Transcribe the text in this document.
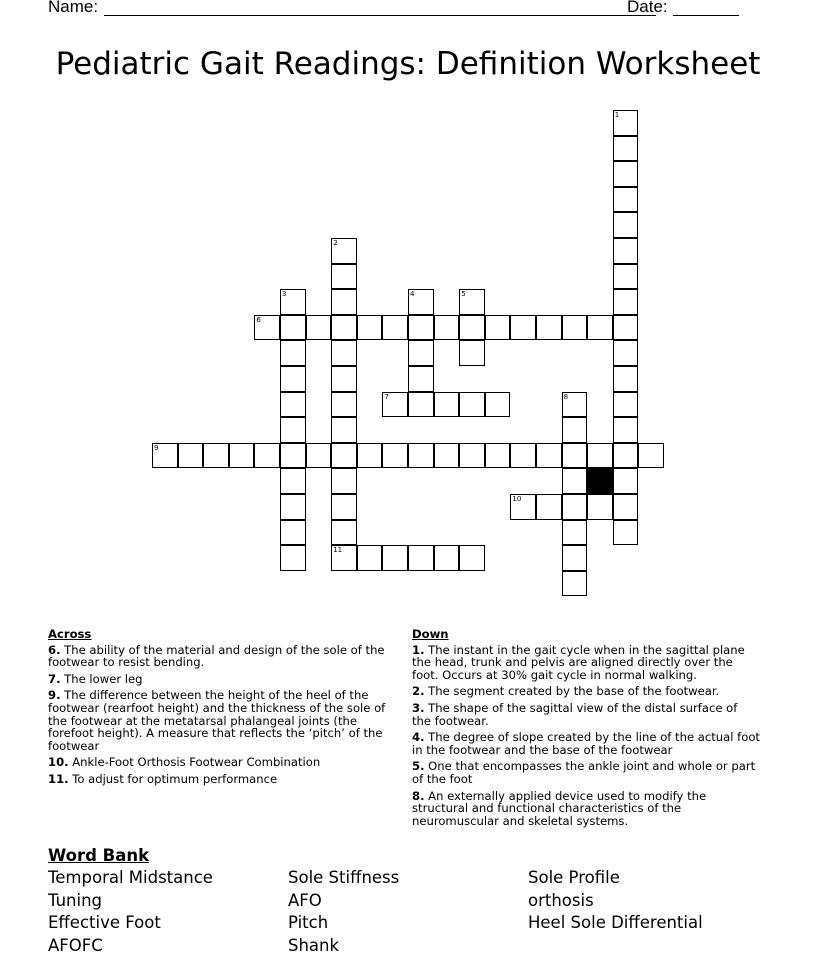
Name:	Date:
Pediatric Gait Readings: Definition Worksheet
1
2
11
3	4	5
6
7	8
9
10
Across
6. The ability of the material and design of the sole of the footwear to resist bending.
7. The lower leg
9. The difference between the height of the heel of the footwear (rearfoot height) and the thickness of the sole of the footwear at the metatarsal phalangeal joints (the forefoot height). A measure that reflects the ‘pitch’ of the footwear
10. Ankle-Foot Orthosis Footwear Combination
11. To adjust for optimum performance
Down
1. The instant in the gait cycle when in the sagittal plane the head, trunk and pelvis are aligned directly over the foot. Occurs at 30% gait cycle in normal walking.
2. The segment created by the base of the footwear.
3. The shape of the sagittal view of the distal surface of the footwear.
4. The degree of slope created by the line of the actual foot in the footwear and the base of the footwear
5. One that encompasses the ankle joint and whole or part of the foot
8. An externally applied device used to modify the structural and functional characteristics of the neuromuscular and skeletal systems.
Word Bank
Temporal Midstance	Sole Stiffness	Sole Profile
Tuning	AFO	orthosis
Effective Foot	Pitch	Heel Sole Differential
AFOFC	Shank
